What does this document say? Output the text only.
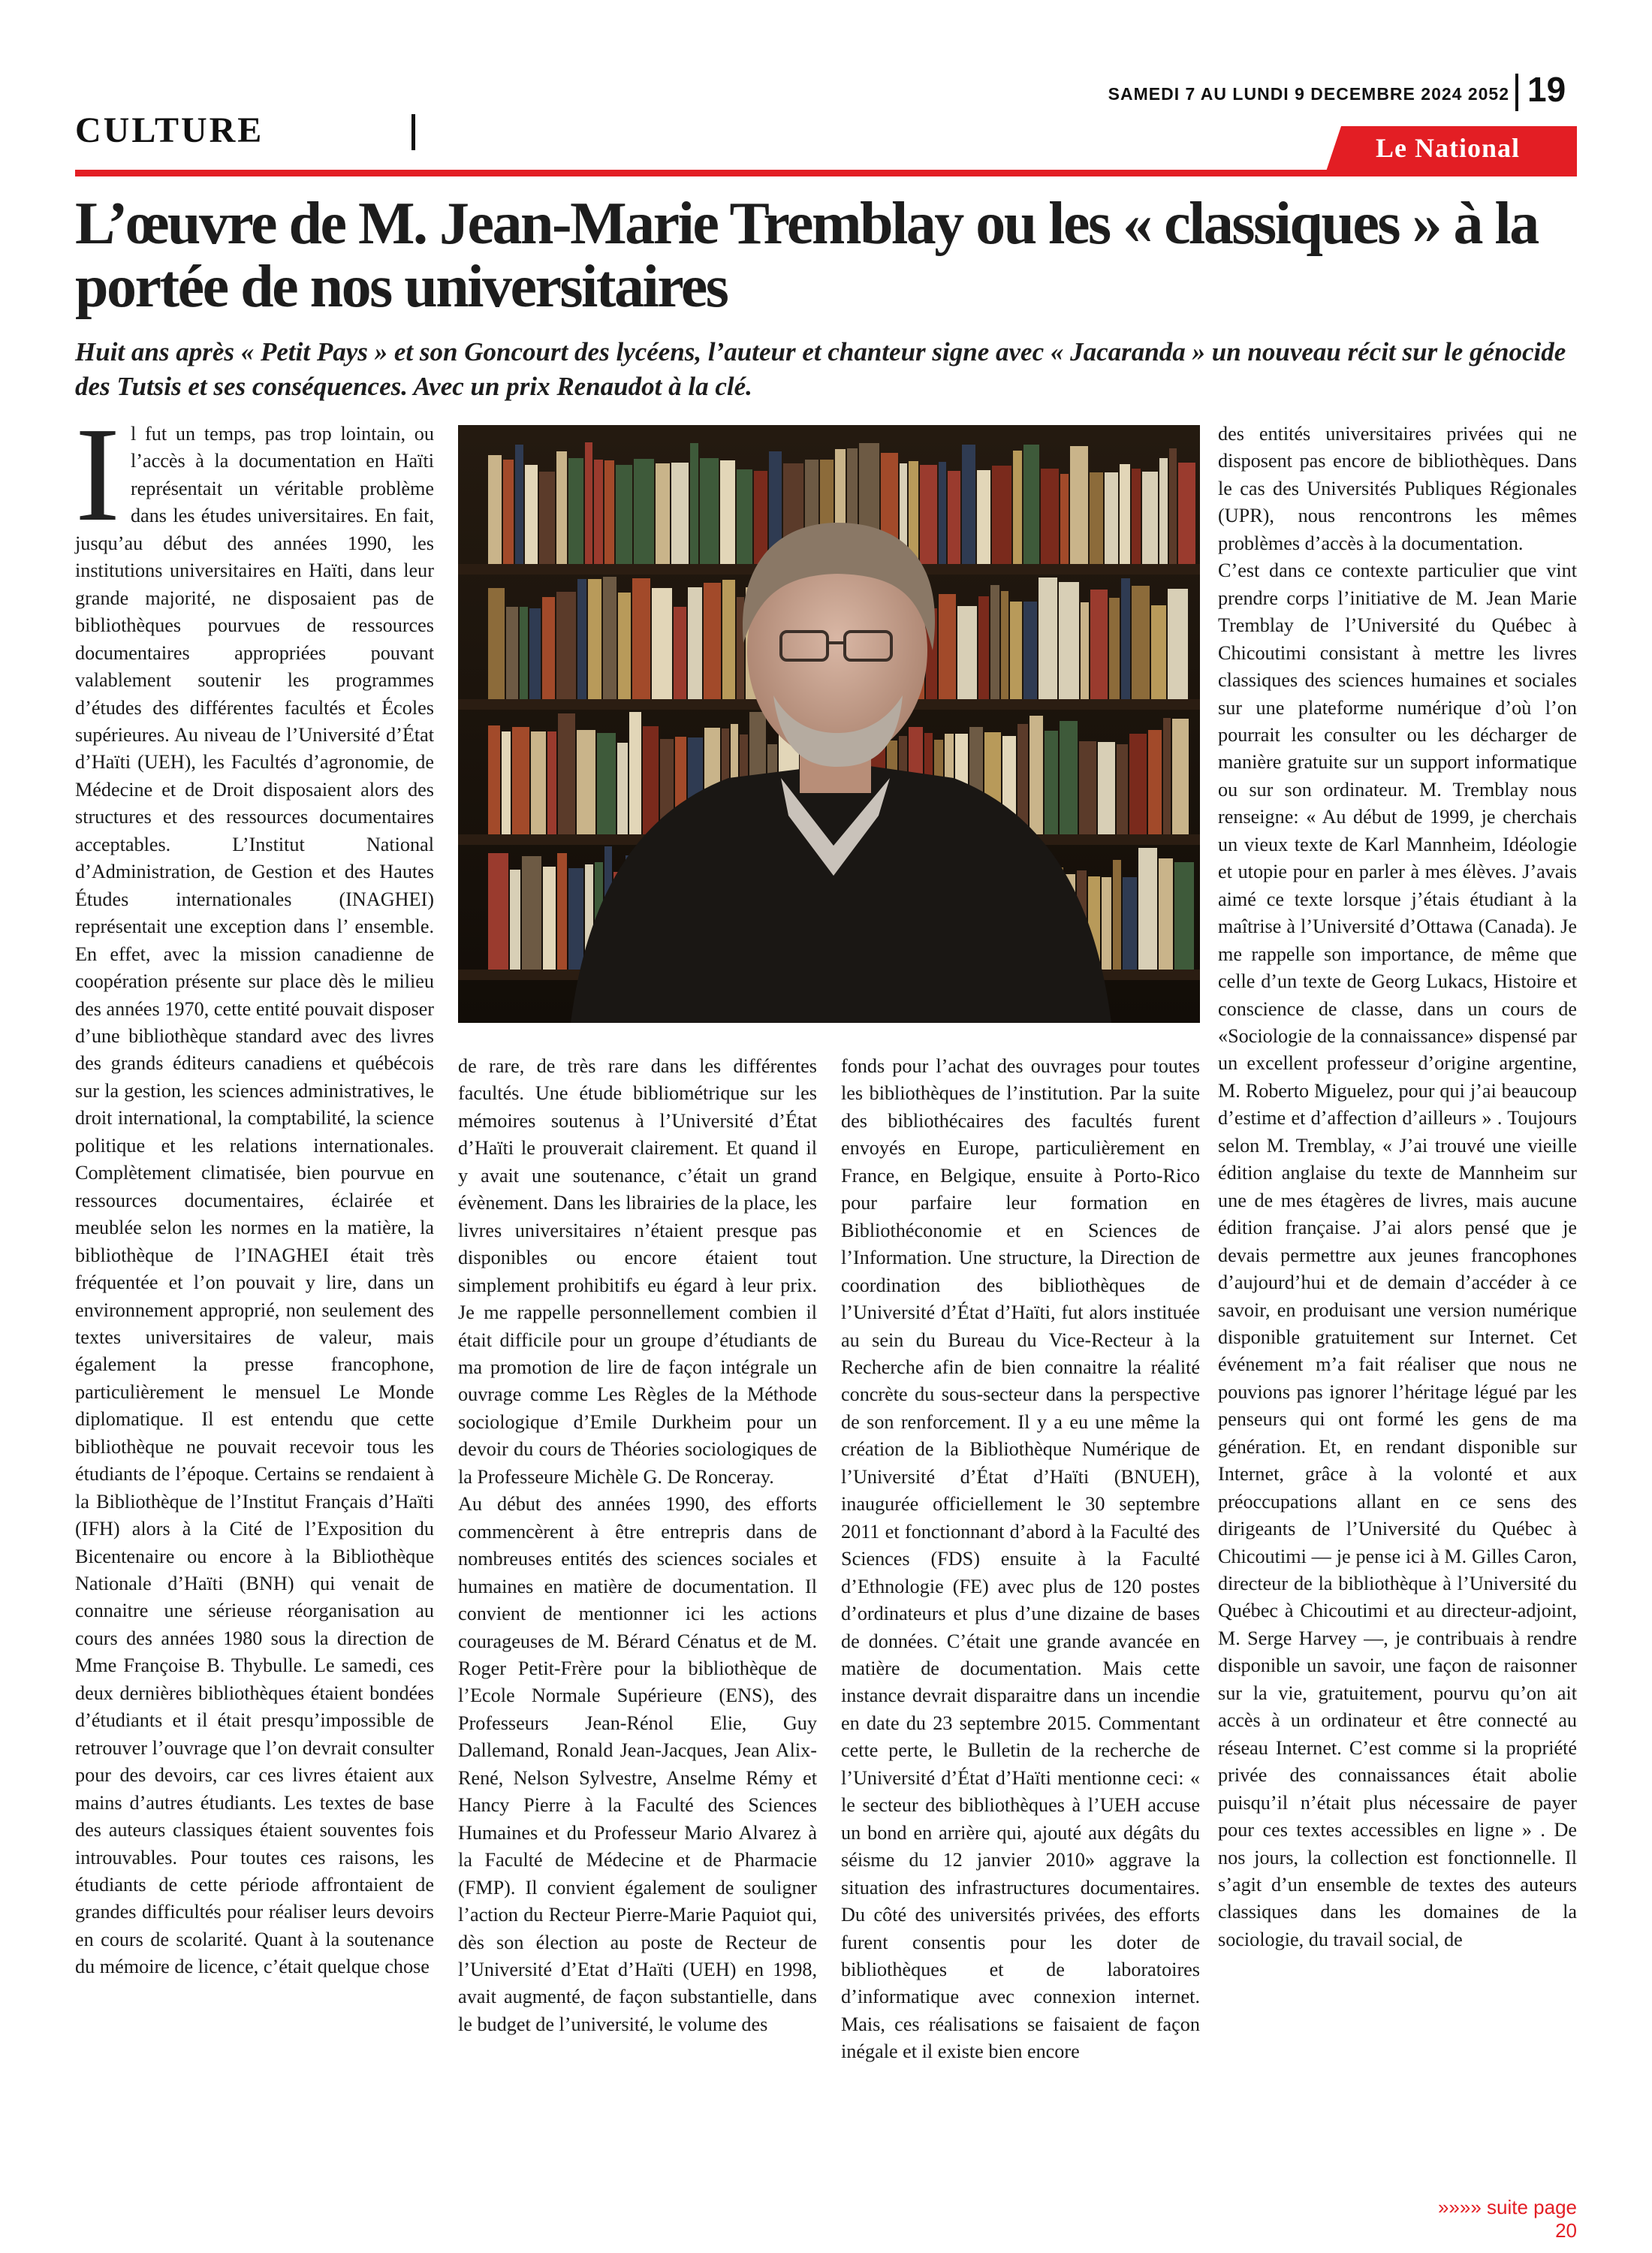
CULTURE
SAMEDI 7 AU LUNDI 9 DECEMBRE 2024 2052 19
Le National
L’œuvre de M. Jean-Marie Tremblay ou les « classiques » à la portée de nos universitaires

Huit ans après « Petit Pays » et son Goncourt des lycéens, l’auteur et chanteur signe avec « Jacaranda » un nouveau récit sur le génocide des Tutsis et ses conséquences. Avec un prix Renaudot à la clé.

Il fut un temps, pas trop lointain, ou l’accès à la documentation en Haïti représentait un véritable problème dans les études universitaires. En fait, jusqu’au début des années 1990, les institutions universitaires en Haïti, dans leur grande majorité, ne disposaient pas de bibliothèques pourvues de ressources documentaires appropriées pouvant valablement soutenir les programmes d’études des différentes facultés et Écoles supérieures. Au niveau de l’Université d’État d’Haïti (UEH), les Facultés d’agronomie, de Médecine et de Droit disposaient alors des structures et des ressources documentaires acceptables. L’Institut National d’Administration, de Gestion et des Hautes Études internationales (INAGHEI) représentait une exception dans l’ ensemble. En effet, avec la mission canadienne de coopération présente sur place dès le milieu des années 1970, cette entité pouvait disposer d’une bibliothèque standard avec des livres des grands éditeurs canadiens et québécois sur la gestion, les sciences administratives, le droit international, la comptabilité, la science politique et les relations internationales. Complètement climatisée, bien pourvue en ressources documentaires, éclairée et meublée selon les normes en la matière, la bibliothèque de l’INAGHEI était très fréquentée et l’on pouvait y lire, dans un environnement approprié, non seulement des textes universitaires de valeur, mais également la presse francophone, particulièrement le mensuel Le Monde diplomatique. Il est entendu que cette bibliothèque ne pouvait recevoir tous les étudiants de l’époque. Certains se rendaient à la Bibliothèque de l’Institut Français d’Haïti (IFH) alors à la Cité de l’Exposition du Bicentenaire ou encore à la Bibliothèque Nationale d’Haïti (BNH) qui venait de connaitre une sérieuse réorganisation au cours des années 1980 sous la direction de Mme Françoise B. Thybulle. Le samedi, ces deux dernières bibliothèques étaient bondées d’étudiants et il était presqu’impossible de retrouver l’ouvrage que l’on devrait consulter pour des devoirs, car ces livres étaient aux mains d’autres étudiants. Les textes de base des auteurs classiques étaient souventes fois introuvables. Pour toutes ces raisons, les étudiants de cette période affrontaient de grandes difficultés pour réaliser leurs devoirs en cours de scolarité. Quant à la soutenance du mémoire de licence, c’était quelque chose

de rare, de très rare dans les différentes facultés. Une étude bibliométrique sur les mémoires soutenus à l’Université d’État d’Haïti le prouverait clairement. Et quand il y avait une soutenance, c’était un grand évènement. Dans les librairies de la place, les livres universitaires n’étaient presque pas disponibles ou encore étaient tout simplement prohibitifs eu égard à leur prix. Je me rappelle personnellement combien il était difficile pour un groupe d’étudiants de ma promotion de lire de façon intégrale un ouvrage comme Les Règles de la Méthode sociologique d’Emile Durkheim pour un devoir du cours de Théories sociologiques de la Professeure Michèle G. De Ronceray.

Au début des années 1990, des efforts commencèrent à être entrepris dans de nombreuses entités des sciences sociales et humaines en matière de documentation. Il convient de mentionner ici les actions courageuses de M. Bérard Cénatus et de M. Roger Petit-Frère pour la bibliothèque de l’Ecole Normale Supérieure (ENS), des Professeurs Jean-Rénol Elie, Guy Dallemand, Ronald Jean-Jacques, Jean Alix-René, Nelson Sylvestre, Anselme Rémy et Hancy Pierre à la Faculté des Sciences Humaines et du Professeur Mario Alvarez à la Faculté de Médecine et de Pharmacie (FMP). Il convient également de souligner l’action du Recteur Pierre-Marie Paquiot qui, dès son élection au poste de Recteur de l’Université d’Etat d’Haïti (UEH) en 1998, avait augmenté, de façon substantielle, dans le budget de l’université, le volume des

fonds pour l’achat des ouvrages pour toutes les bibliothèques de l’institution. Par la suite des bibliothécaires des facultés furent envoyés en Europe, particulièrement en France, en Belgique, ensuite à Porto-Rico pour parfaire leur formation en Bibliothéconomie et en Sciences de l’Information. Une structure, la Direction de coordination des bibliothèques de l’Université d’État d’Haïti, fut alors instituée au sein du Bureau du Vice-Recteur à la Recherche afin de bien connaitre la réalité concrète du sous-secteur dans la perspective de son renforcement. Il y a eu une même la création de la Bibliothèque Numérique de l’Université d’État d’Haïti (BNUEH), inaugurée officiellement le 30 septembre 2011 et fonctionnant d’abord à la Faculté des Sciences (FDS) ensuite à la Faculté d’Ethnologie (FE) avec plus de 120 postes d’ordinateurs et plus d’une dizaine de bases de données. C’était une grande avancée en matière de documentation. Mais cette instance devrait disparaitre dans un incendie en date du 23 septembre 2015. Commentant cette perte, le Bulletin de la recherche de l’Université d’État d’Haïti mentionne ceci: « le secteur des bibliothèques à l’UEH accuse un bond en arrière qui, ajouté aux dégâts du séisme du 12 janvier 2010» aggrave la situation des infrastructures documentaires. Du côté des universités privées, des efforts furent consentis pour les doter de bibliothèques et de laboratoires d’informatique avec connexion internet. Mais, ces réalisations se faisaient de façon inégale et il existe bien encore

des entités universitaires privées qui ne disposent pas encore de bibliothèques. Dans le cas des Universités Publiques Régionales (UPR), nous rencontrons les mêmes problèmes d’accès à la documentation.

C’est dans ce contexte particulier que vint prendre corps l’initiative de M. Jean Marie Tremblay de l’Université du Québec à Chicoutimi consistant à mettre les livres classiques des sciences humaines et sociales sur une plateforme numérique d’où l’on pourrait les consulter ou les décharger de manière gratuite sur un support informatique ou sur son ordinateur. M. Tremblay nous renseigne: « Au début de 1999, je cherchais un vieux texte de Karl Mannheim, Idéologie et utopie pour en parler à mes élèves. J’avais aimé ce texte lorsque j’étais étudiant à la maîtrise à l’Université d’Ottawa (Canada). Je me rappelle son importance, de même que celle d’un texte de Georg Lukacs, Histoire et conscience de classe, dans un cours de «Sociologie de la connaissance» dispensé par un excellent professeur d’origine argentine, M. Roberto Miguelez, pour qui j’ai beaucoup d’estime et d’affection d’ailleurs » . Toujours selon M. Tremblay, « J’ai trouvé une vieille édition anglaise du texte de Mannheim sur une de mes étagères de livres, mais aucune édition française. J’ai alors pensé que je devais permettre aux jeunes francophones d’aujourd’hui et de demain d’accéder à ce savoir, en produisant une version numérique disponible gratuitement sur Internet. Cet événement m’a fait réaliser que nous ne pouvions pas ignorer l’héritage légué par les penseurs qui ont formé les gens de ma génération. Et, en rendant disponible sur Internet, grâce à la volonté et aux préoccupations allant en ce sens des dirigeants de l’Université du Québec à Chicoutimi — je pense ici à M. Gilles Caron, directeur de la bibliothèque à l’Université du Québec à Chicoutimi et au directeur-adjoint, M. Serge Harvey —, je contribuais à rendre disponible un savoir, une façon de raisonner sur la vie, gratuitement, pourvu qu’on ait accès à un ordinateur et être connecté au réseau Internet. C’est comme si la propriété privée des connaissances était abolie puisqu’il n’était plus nécessaire de payer pour ces textes accessibles en ligne » . De nos jours, la collection est fonctionnelle. Il s’agit d’un ensemble de textes des auteurs classiques dans les domaines de la sociologie, du travail social, de

»»»» suite page 20
